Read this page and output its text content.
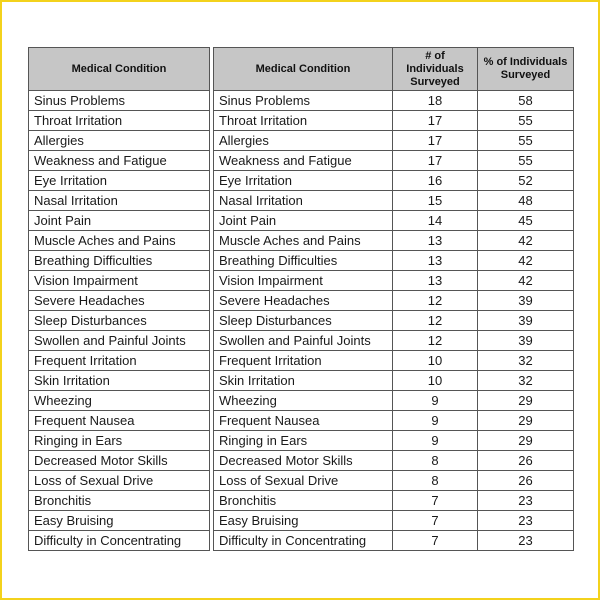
Medical Condition		Medical Condition	# of Individuals Surveyed	% of Individuals Surveyed
Sinus Problems		Sinus Problems	18	58
Throat Irritation		Throat Irritation	17	55
Allergies		Allergies	17	55
Weakness and Fatigue		Weakness and Fatigue	17	55
Eye Irritation		Eye Irritation	16	52
Nasal Irritation		Nasal Irritation	15	48
Joint Pain		Joint Pain	14	45
Muscle Aches and Pains		Muscle Aches and Pains	13	42
Breathing Difficulties		Breathing Difficulties	13	42
Vision Impairment		Vision Impairment	13	42
Severe Headaches		Severe Headaches	12	39
Sleep Disturbances		Sleep Disturbances	12	39
Swollen and Painful Joints		Swollen and Painful Joints	12	39
Frequent Irritation		Frequent Irritation	10	32
Skin Irritation		Skin Irritation	10	32
Wheezing		Wheezing	9	29
Frequent Nausea		Frequent Nausea	9	29
Ringing in Ears		Ringing in Ears	9	29
Decreased Motor Skills		Decreased Motor Skills	8	26
Loss of Sexual Drive		Loss of Sexual Drive	8	26
Bronchitis		Bronchitis	7	23
Easy Bruising		Easy Bruising	7	23
Difficulty in Concentrating		Difficulty in Concentrating	7	23
